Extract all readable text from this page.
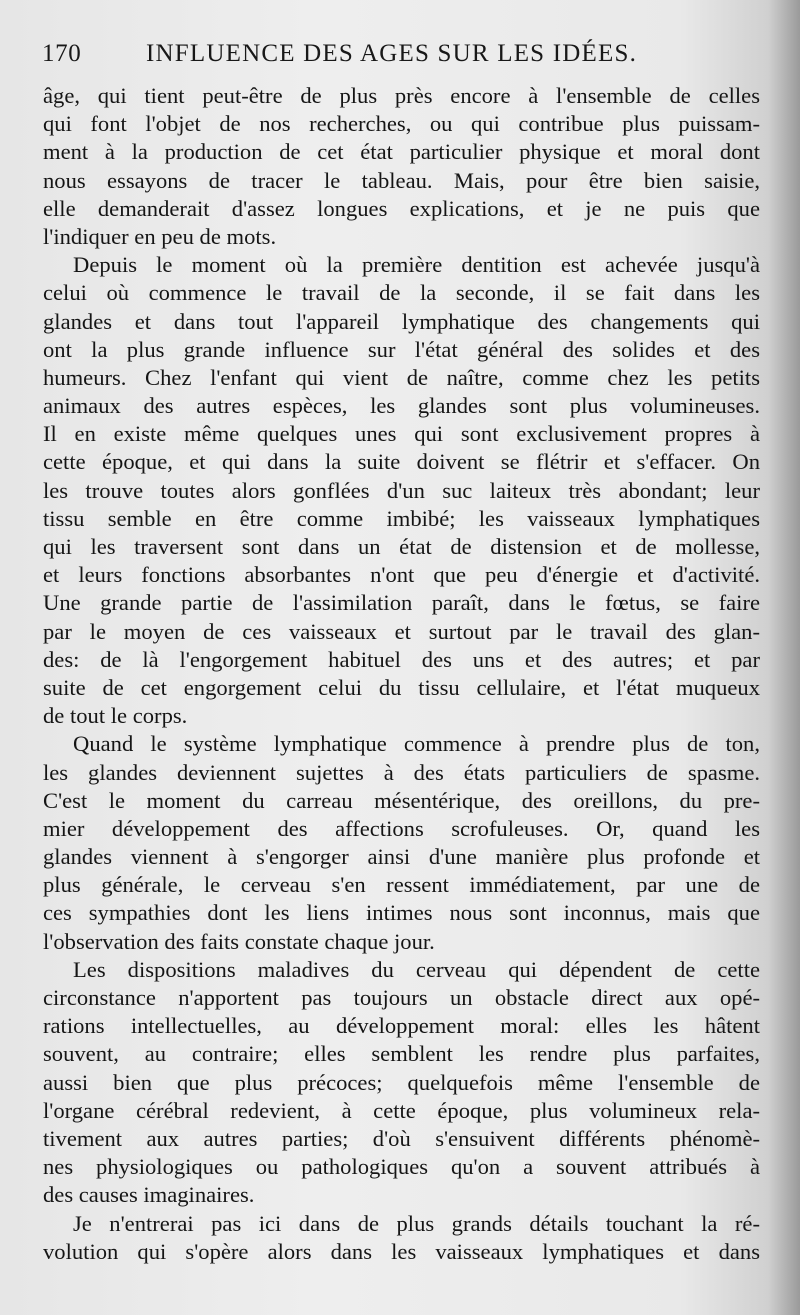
170	INFLUENCE DES AGES SUR LES IDÉES.
âge, qui tient peut-être de plus près encore à l'ensemble de celles
qui font l'objet de nos recherches, ou qui contribue plus puissam-
ment à la production de cet état particulier physique et moral dont
nous essayons de tracer le tableau. Mais, pour être bien saisie,
elle demanderait d'assez longues explications, et je ne puis que
l'indiquer en peu de mots.
Depuis le moment où la première dentition est achevée jusqu'à
celui où commence le travail de la seconde, il se fait dans les
glandes et dans tout l'appareil lymphatique des changements qui
ont la plus grande influence sur l'état général des solides et des
humeurs. Chez l'enfant qui vient de naître, comme chez les petits
animaux des autres espèces, les glandes sont plus volumineuses.
Il en existe même quelques unes qui sont exclusivement propres à
cette époque, et qui dans la suite doivent se flétrir et s'effacer. On
les trouve toutes alors gonflées d'un suc laiteux très abondant; leur
tissu semble en être comme imbibé; les vaisseaux lymphatiques
qui les traversent sont dans un état de distension et de mollesse,
et leurs fonctions absorbantes n'ont que peu d'énergie et d'activité.
Une grande partie de l'assimilation paraît, dans le fœtus, se faire
par le moyen de ces vaisseaux et surtout par le travail des glan-
des: de là l'engorgement habituel des uns et des autres; et par
suite de cet engorgement celui du tissu cellulaire, et l'état muqueux
de tout le corps.
Quand le système lymphatique commence à prendre plus de ton,
les glandes deviennent sujettes à des états particuliers de spasme.
C'est le moment du carreau mésentérique, des oreillons, du pre-
mier développement des affections scrofuleuses. Or, quand les
glandes viennent à s'engorger ainsi d'une manière plus profonde et
plus générale, le cerveau s'en ressent immédiatement, par une de
ces sympathies dont les liens intimes nous sont inconnus, mais que
l'observation des faits constate chaque jour.
Les dispositions maladives du cerveau qui dépendent de cette
circonstance n'apportent pas toujours un obstacle direct aux opé-
rations intellectuelles, au développement moral: elles les hâtent
souvent, au contraire; elles semblent les rendre plus parfaites,
aussi bien que plus précoces; quelquefois même l'ensemble de
l'organe cérébral redevient, à cette époque, plus volumineux rela-
tivement aux autres parties; d'où s'ensuivent différents phénomè-
nes physiologiques ou pathologiques qu'on a souvent attribués à
des causes imaginaires.
Je n'entrerai pas ici dans de plus grands détails touchant la ré-
volution qui s'opère alors dans les vaisseaux lymphatiques et dans
